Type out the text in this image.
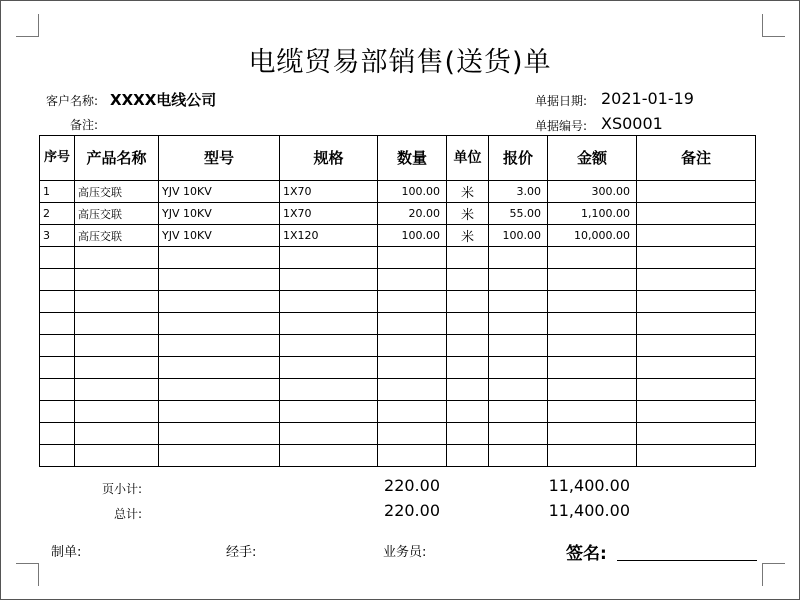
电缆贸易部销售(送货)单
客户名称: XXXX电线公司
备注:
单据日期: 2021-01-19
单据编号: XS0001
序号	产品名称	型号	规格	数量	单位	报价	金额	备注
1	高压交联	YJV 10KV	1X70	100.00	米	3.00	300.00	
2	高压交联	YJV 10KV	1X70	20.00	米	55.00	1,100.00	
3	高压交联	YJV 10KV	1X120	100.00	米	100.00	10,000.00	

页小计:	220.00	11,400.00
总计:	220.00	11,400.00
制单:	经手:	业务员:	签名:
